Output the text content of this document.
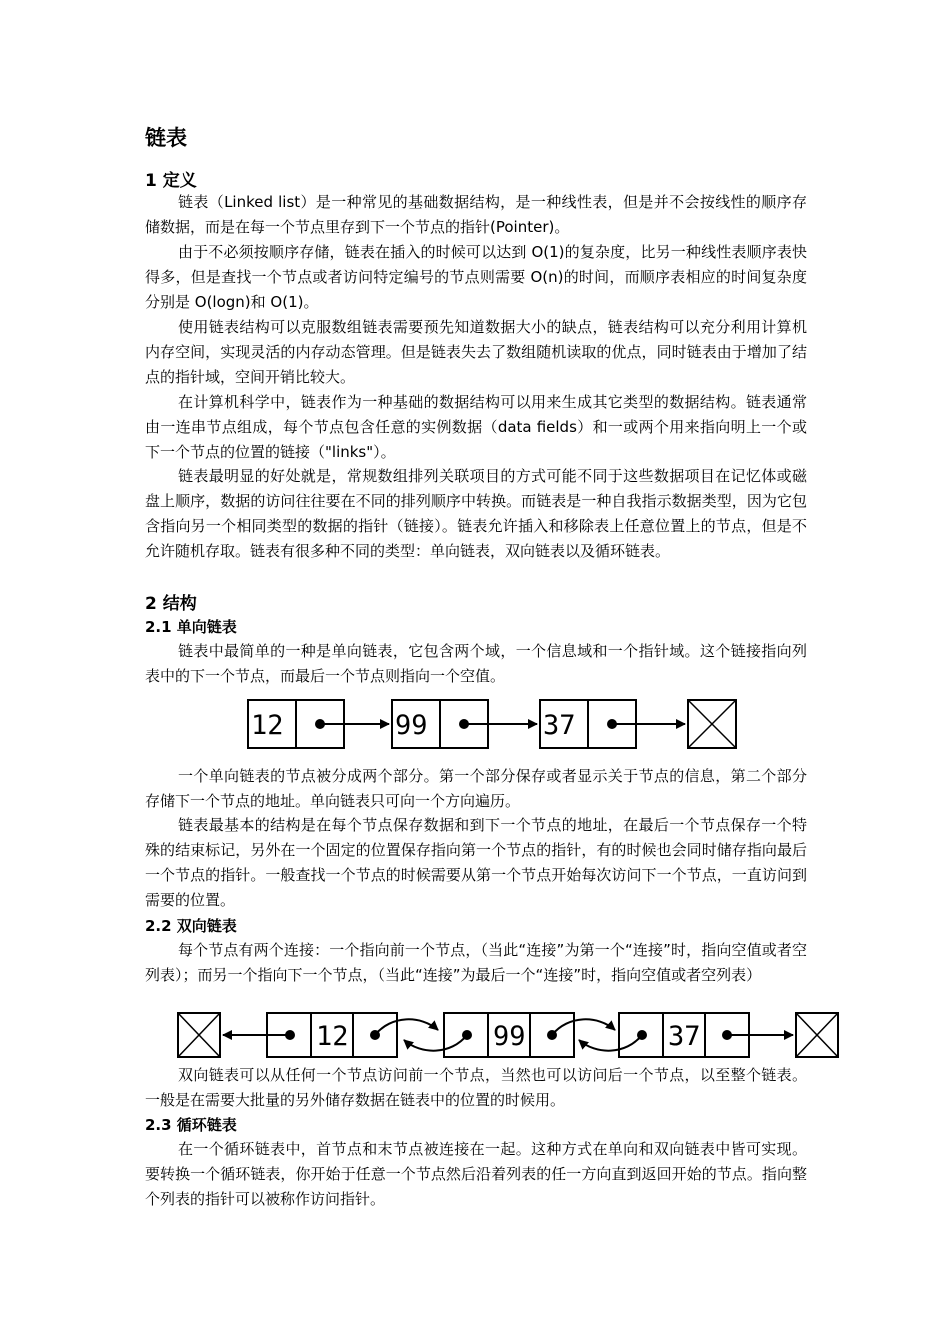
链表
1 定义
链表（Linked list）是一种常见的基础数据结构，是一种线性表，但是并不会按线性的顺序存储数据，而是在每一个节点里存到下一个节点的指针(Pointer)。
由于不必须按顺序存储，链表在插入的时候可以达到 O(1)的复杂度，比另一种线性表顺序表快得多，但是查找一个节点或者访问特定编号的节点则需要 O(n)的时间，而顺序表相应的时间复杂度分别是 O(logn)和 O(1)。
使用链表结构可以克服数组链表需要预先知道数据大小的缺点，链表结构可以充分利用计算机内存空间，实现灵活的内存动态管理。但是链表失去了数组随机读取的优点，同时链表由于增加了结点的指针域，空间开销比较大。
在计算机科学中，链表作为一种基础的数据结构可以用来生成其它类型的数据结构。链表通常由一连串节点组成，每个节点包含任意的实例数据（data fields）和一或两个用来指向明上一个或下一个节点的位置的链接（"links"）。
链表最明显的好处就是，常规数组排列关联项目的方式可能不同于这些数据项目在记忆体或磁盘上顺序，数据的访问往往要在不同的排列顺序中转换。而链表是一种自我指示数据类型，因为它包含指向另一个相同类型的数据的指针（链接）。链表允许插入和移除表上任意位置上的节点，但是不允许随机存取。链表有很多种不同的类型：单向链表，双向链表以及循环链表。
2 结构
2.1 单向链表
链表中最简单的一种是单向链表，它包含两个域，一个信息域和一个指针域。这个链接指向列表中的下一个节点，而最后一个节点则指向一个空值。
12	99	37
一个单向链表的节点被分成两个部分。第一个部分保存或者显示关于节点的信息，第二个部分存储下一个节点的地址。单向链表只可向一个方向遍历。
链表最基本的结构是在每个节点保存数据和到下一个节点的地址，在最后一个节点保存一个特殊的结束标记，另外在一个固定的位置保存指向第一个节点的指针，有的时候也会同时储存指向最后一个节点的指针。一般查找一个节点的时候需要从第一个节点开始每次访问下一个节点，一直访问到需要的位置。
2.2 双向链表
每个节点有两个连接：一个指向前一个节点，（当此“连接”为第一个“连接”时，指向空值或者空列表）；而另一个指向下一个节点，（当此“连接”为最后一个“连接”时，指向空值或者空列表）
12	99	37
双向链表可以从任何一个节点访问前一个节点，当然也可以访问后一个节点，以至整个链表。一般是在需要大批量的另外储存数据在链表中的位置的时候用。
2.3 循环链表
在一个循环链表中，首节点和末节点被连接在一起。这种方式在单向和双向链表中皆可实现。要转换一个循环链表，你开始于任意一个节点然后沿着列表的任一方向直到返回开始的节点。指向整个列表的指针可以被称作访问指针。
